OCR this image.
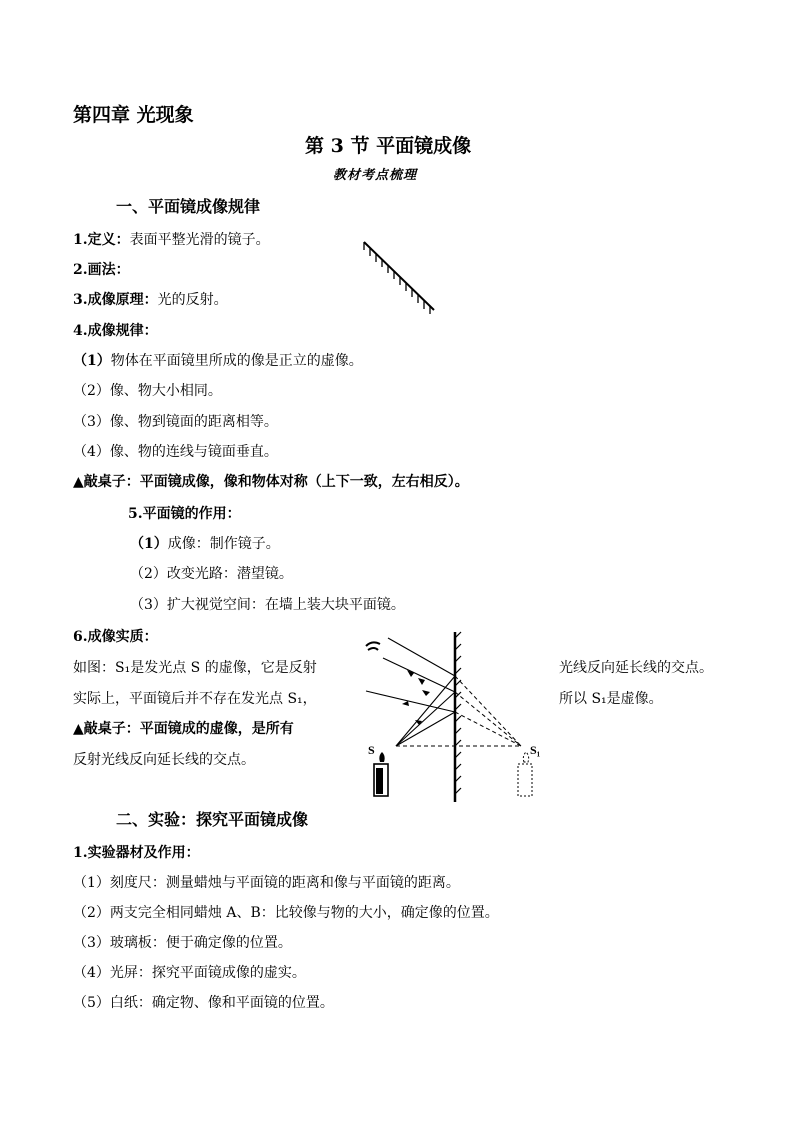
第四章 光现象
第 3 节 平面镜成像
教材考点梳理
一、平面镜成像规律
1.定义：表面平整光滑的镜子。
2.画法：
3.成像原理：光的反射。
4.成像规律：
（1）物体在平面镜里所成的像是正立的虚像。
（2）像、物大小相同。
（3）像、物到镜面的距离相等。
（4）像、物的连线与镜面垂直。
▲敲桌子：平面镜成像，像和物体对称（上下一致，左右相反）。
5.平面镜的作用：
（1）成像：制作镜子。
（2）改变光路：潜望镜。
（3）扩大视觉空间：在墙上装大块平面镜。
6.成像实质：
如图：S₁是发光点 S 的虚像，它是反射	光线反向延长线的交点。
实际上，平面镜后并不存在发光点 S₁，	所以 S₁是虚像。
▲敲桌子：平面镜成的虚像，是所有
反射光线反向延长线的交点。
S	S₁
二、实验：探究平面镜成像
1.实验器材及作用：
（1）刻度尺：测量蜡烛与平面镜的距离和像与平面镜的距离。
（2）两支完全相同蜡烛 A、B：比较像与物的大小，确定像的位置。
（3）玻璃板：便于确定像的位置。
（4）光屏：探究平面镜成像的虚实。
（5）白纸：确定物、像和平面镜的位置。
